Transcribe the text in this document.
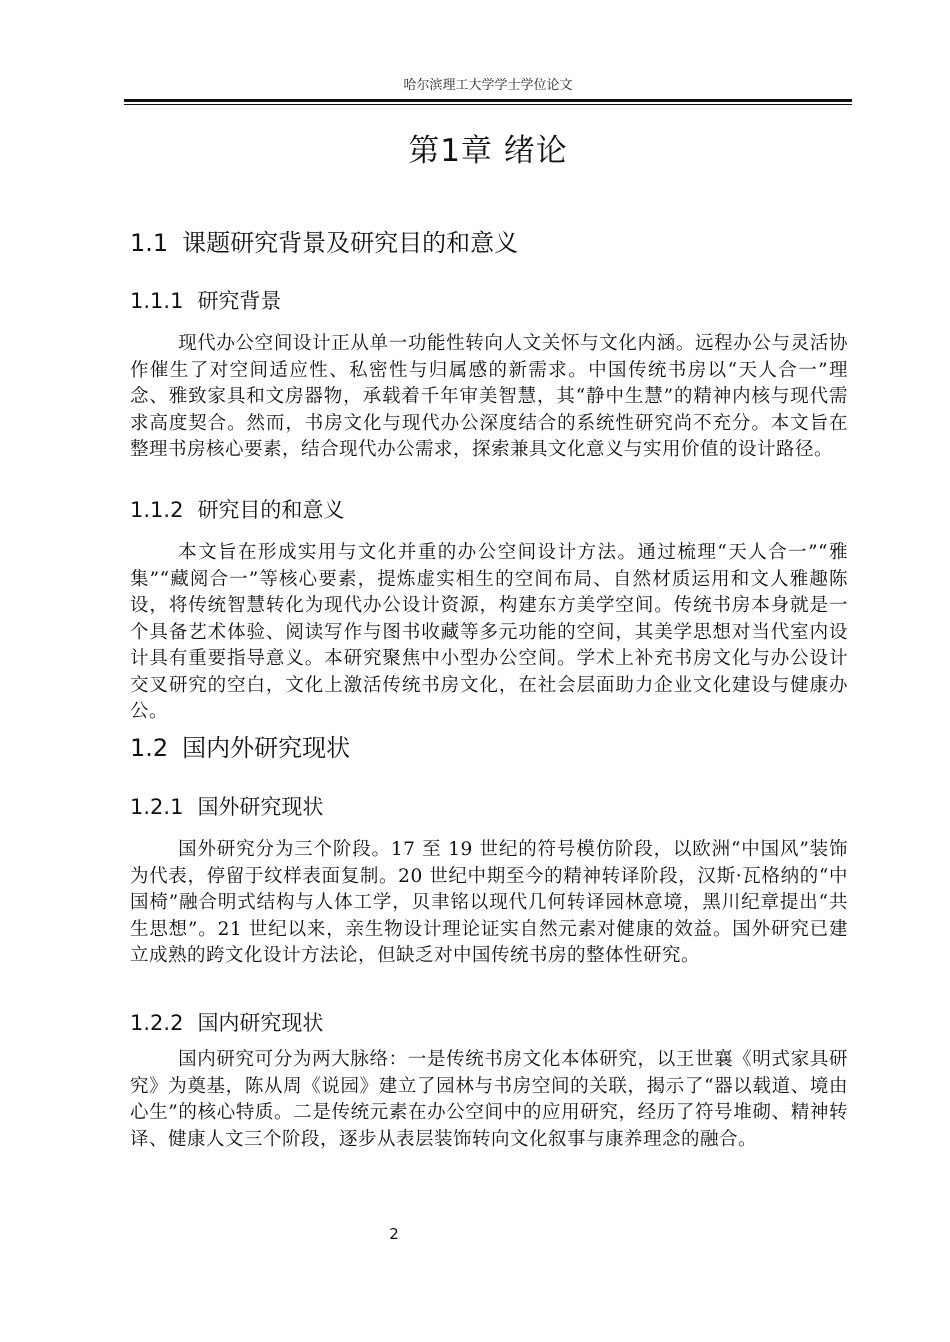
哈尔滨理工大学学士学位论文
第1章 绪论
1.1 课题研究背景及研究目的和意义
1.1.1 研究背景
现代办公空间设计正从单一功能性转向人文关怀与文化内涵。远程办公与灵活协作催生了对空间适应性、私密性与归属感的新需求。中国传统书房以“天人合一”理念、雅致家具和文房器物，承载着千年审美智慧，其“静中生慧”的精神内核与现代需求高度契合。然而，书房文化与现代办公深度结合的系统性研究尚不充分。本文旨在整理书房核心要素，结合现代办公需求，探索兼具文化意义与实用价值的设计路径。
1.1.2 研究目的和意义
本文旨在形成实用与文化并重的办公空间设计方法。通过梳理“天人合一”“雅集”“藏阅合一”等核心要素，提炼虚实相生的空间布局、自然材质运用和文人雅趣陈设，将传统智慧转化为现代办公设计资源，构建东方美学空间。传统书房本身就是一个具备艺术体验、阅读写作与图书收藏等多元功能的空间，其美学思想对当代室内设计具有重要指导意义。本研究聚焦中小型办公空间。学术上补充书房文化与办公设计交叉研究的空白，文化上激活传统书房文化，在社会层面助力企业文化建设与健康办公。
1.2 国内外研究现状
1.2.1 国外研究现状
国外研究分为三个阶段。17 至 19 世纪的符号模仿阶段，以欧洲“中国风”装饰为代表，停留于纹样表面复制。20 世纪中期至今的精神转译阶段，汉斯·瓦格纳的“中国椅”融合明式结构与人体工学，贝聿铭以现代几何转译园林意境，黑川纪章提出“共生思想”。21 世纪以来，亲生物设计理论证实自然元素对健康的效益。国外研究已建立成熟的跨文化设计方法论，但缺乏对中国传统书房的整体性研究。
1.2.2 国内研究现状
国内研究可分为两大脉络：一是传统书房文化本体研究，以王世襄《明式家具研究》为奠基，陈从周《说园》建立了园林与书房空间的关联，揭示了“器以载道、境由心生”的核心特质。二是传统元素在办公空间中的应用研究，经历了符号堆砌、精神转译、健康人文三个阶段，逐步从表层装饰转向文化叙事与康养理念的融合。
2
